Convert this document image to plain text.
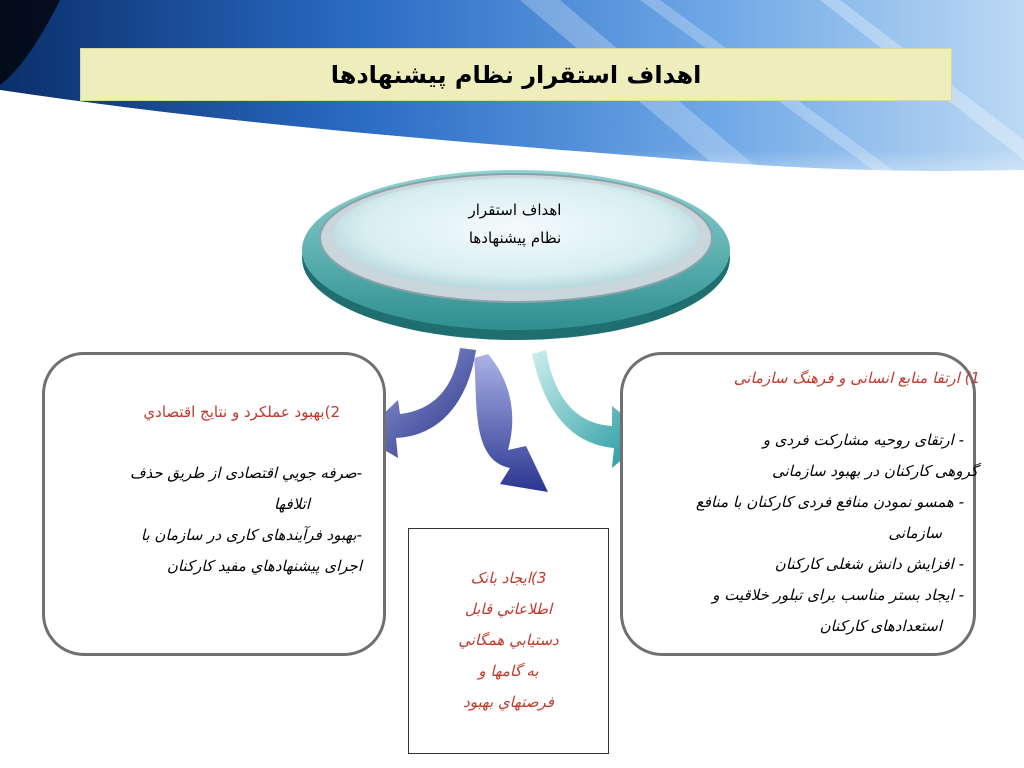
اهداف استقرار نظام پیشنهادها
اهداف استقرار
نظام پیشنهادها
2)بهبود عملکرد و نتايج اقتصادي
-صرفه جويي اقتصادی از طريق حذف
اتلافها
-بهبود فرآيندهای کاری در سازمان با
اجرای پیشنهادهاي مفيد کارکنان
1) ارتقا منابع انسانی و فرهنگ سازمانی
- ارتقای روحيه مشارکت فردی و
گروهی کارکنان در بهبود سازمانی
- همسو نمودن منافع فردی کارکنان با منافع
سازمانی
- افزايش دانش شغلی کارکنان
- ايجاد بستر مناسب برای تبلور خلاقيت و
استعدادهای کارکنان
3)ایجاد بانک
اطلاعاتي قابل
دستيابي همگاني
به گامها و
فرصتهاي بهبود
